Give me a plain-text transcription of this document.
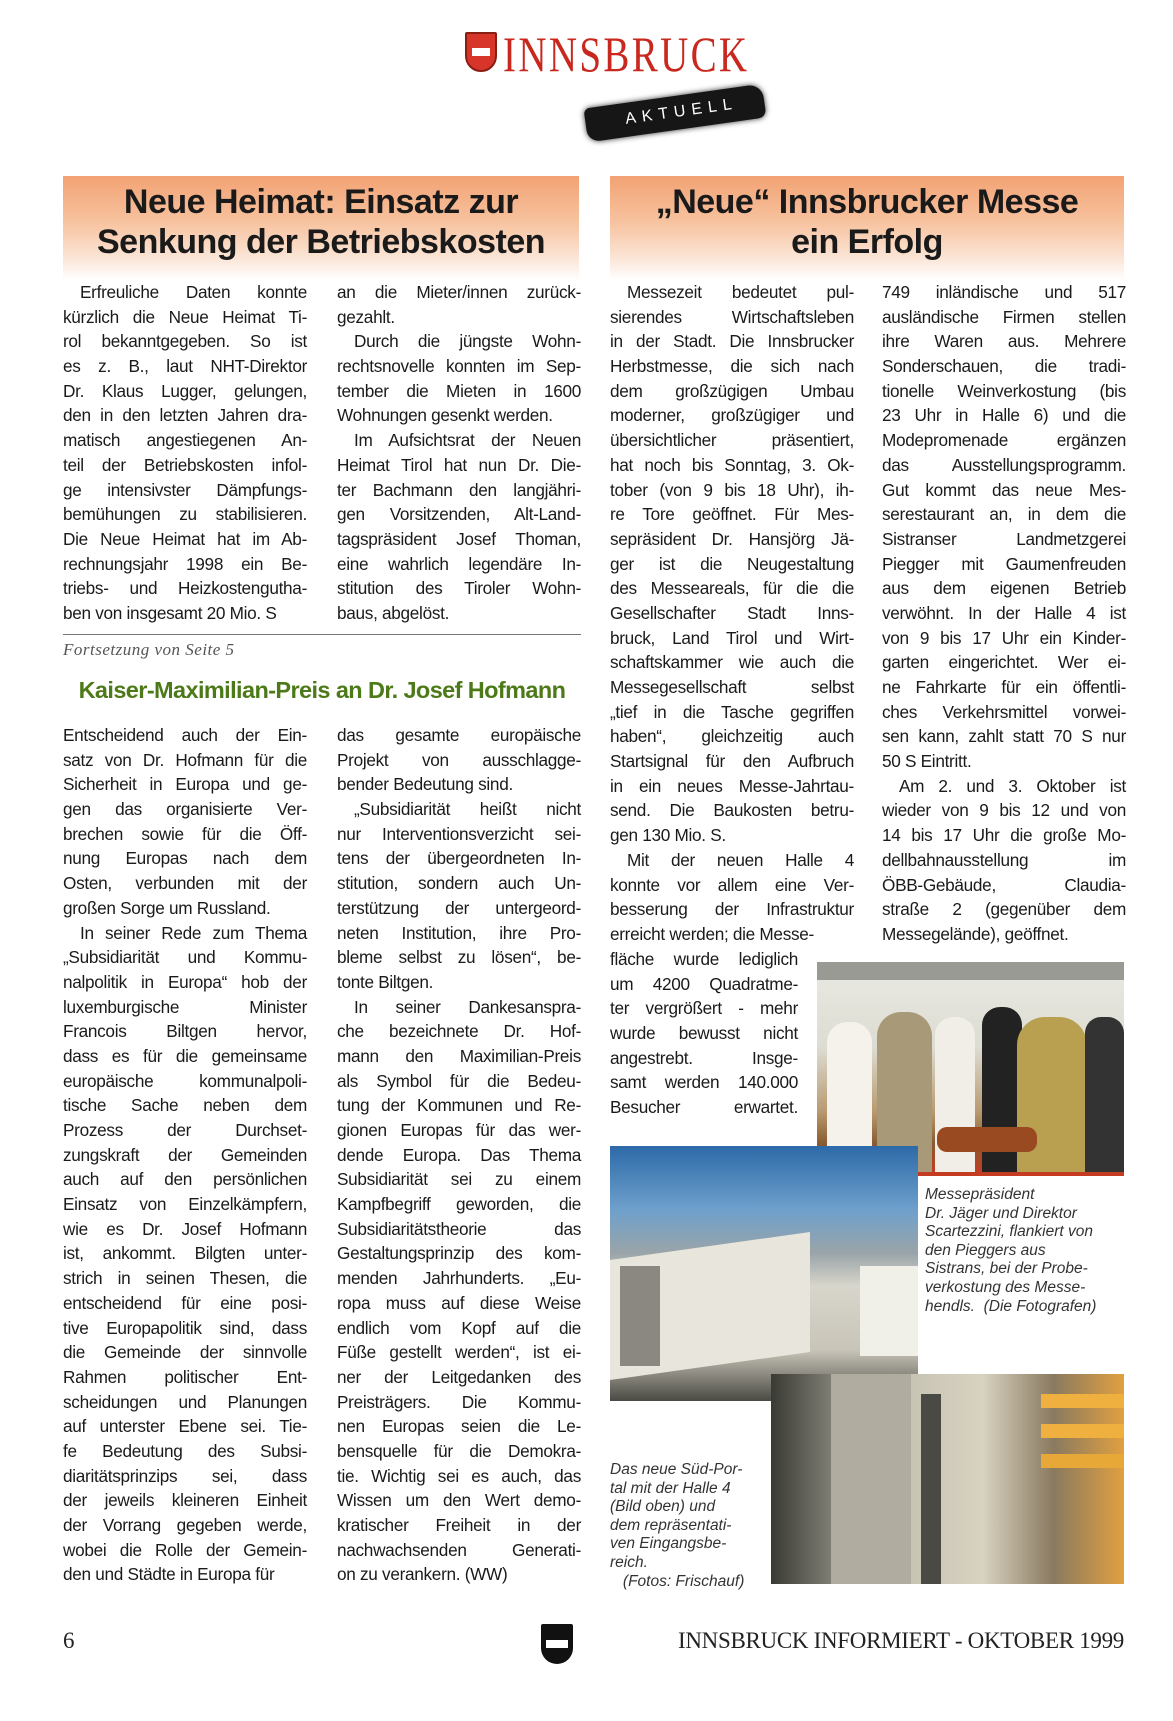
INNSBRUCK
AKTUELL
Neue Heimat: Einsatz zur
Senkung der Betriebskosten
„Neue“ Innsbrucker Messe
ein Erfolg
Erfreuliche Daten konnte
kürzlich die Neue Heimat Ti-
rol bekanntgegeben. So ist
es z. B., laut NHT-Direktor
Dr. Klaus Lugger, gelungen,
den in den letzten Jahren dra-
matisch angestiegenen An-
teil der Betriebskosten infol-
ge intensivster Dämpfungs-
bemühungen zu stabilisieren.
Die Neue Heimat hat im Ab-
rechnungsjahr 1998 ein Be-
triebs- und Heizkostenguthа-
ben von insgesamt 20 Mio. S
an die Mieter/innen zurück-
gezahlt.
Durch die jüngste Wohn-
rechtsnovelle konnten im Sep-
tember die Mieten in 1600
Wohnungen gesenkt werden.
Im Aufsichtsrat der Neuen
Heimat Tirol hat nun Dr. Die-
ter Bachmann den langjähri-
gen Vorsitzenden, Alt-Land-
tagspräsident Josef Thoman,
eine wahrlich legendäre In-
stitution des Tiroler Wohn-
baus, abgelöst.
Fortsetzung von Seite 5
Kaiser-Maximilian-Preis an Dr. Josef Hofmann
Entscheidend auch der Ein-
satz von Dr. Hofmann für die
Sicherheit in Europa und ge-
gen das organisierte Ver-
brechen sowie für die Öff-
nung Europas nach dem
Osten, verbunden mit der
großen Sorge um Russland.
In seiner Rede zum Thema
„Subsidiarität und Kommu-
nalpolitik in Europa“ hob der
luxemburgische Minister
Francois Biltgen hervor,
dass es für die gemeinsame
europäische kommunalpoli-
tische Sache neben dem
Prozess der Durchset-
zungskraft der Gemeinden
auch auf den persönlichen
Einsatz von Einzelkämpfern,
wie es Dr. Josef Hofmann
ist, ankommt. Bilgten unter-
strich in seinen Thesen, die
entscheidend für eine posi-
tive Europapolitik sind, dass
die Gemeinde der sinnvolle
Rahmen politischer Ent-
scheidungen und Planungen
auf unterster Ebene sei. Tie-
fe Bedeutung des Subsi-
diaritätsprinzips sei, dass
der jeweils kleineren Einheit
der Vorrang gegeben werde,
wobei die Rolle der Gemein-
den und Städte in Europa für
das gesamte europäische
Projekt von ausschlagge-
bender Bedeutung sind.
„Subsidiarität heißt nicht
nur Interventionsverzicht sei-
tens der übergeordneten In-
stitution, sondern auch Un-
terstützung der untergeord-
neten Institution, ihre Pro-
bleme selbst zu lösen“, be-
tonte Biltgen.
In seiner Dankesanspra-
che bezeichnete Dr. Hof-
mann den Maximilian-Preis
als Symbol für die Bedeu-
tung der Kommunen und Re-
gionen Europas für das wer-
dende Europa. Das Thema
Subsidiarität sei zu einem
Kampfbegriff geworden, die
Subsidiaritätstheorie das
Gestaltungsprinzip des kom-
menden Jahrhunderts. „Eu-
ropa muss auf diese Weise
endlich vom Kopf auf die
Füße gestellt werden“, ist ei-
ner der Leitgedanken des
Preisträgers. Die Kommu-
nen Europas seien die Le-
bensquelle für die Demokra-
tie. Wichtig sei es auch, das
Wissen um den Wert demo-
kratischer Freiheit in der
nachwachsenden Generati-
on zu verankern. (WW)
Messezeit bedeutet pul-
sierendes Wirtschaftsleben
in der Stadt. Die Innsbrucker
Herbstmesse, die sich nach
dem großzügigen Umbau
moderner, großzügiger und
übersichtlicher präsentiert,
hat noch bis Sonntag, 3. Ok-
tober (von 9 bis 18 Uhr), ih-
re Tore geöffnet. Für Mes-
sepräsident Dr. Hansjörg Jä-
ger ist die Neugestaltung
des Messeareals, für die die
Gesellschafter Stadt Inns-
bruck, Land Tirol und Wirt-
schaftskammer wie auch die
Messegesellschaft selbst
„tief in die Tasche gegriffen
haben“, gleichzeitig auch
Startsignal für den Aufbruch
in ein neues Messe-Jahrtau-
send. Die Baukosten betru-
gen 130 Mio. S.
Mit der neuen Halle 4
konnte vor allem eine Ver-
besserung der Infrastruktur
erreicht werden; die Messe-
fläche wurde lediglich
um 4200 Quadratme-
ter vergrößert - mehr
wurde bewusst nicht
angestrebt. Insge-
samt werden 140.000
Besucher erwartet.
749 inländische und 517
ausländische Firmen stellen
ihre Waren aus. Mehrere
Sonderschauen, die tradi-
tionelle Weinverkostung (bis
23 Uhr in Halle 6) und die
Modepromenade ergänzen
das Ausstellungsprogramm.
Gut kommt das neue Mes-
serestaurant an, in dem die
Sistranser Landmetzgerei
Piegger mit Gaumenfreuden
aus dem eigenen Betrieb
verwöhnt. In der Halle 4 ist
von 9 bis 17 Uhr ein Kinder-
garten eingerichtet. Wer ei-
ne Fahrkarte für ein öffentli-
ches Verkehrsmittel vorwei-
sen kann, zahlt statt 70 S nur
50 S Eintritt.
Am 2. und 3. Oktober ist
wieder von 9 bis 12 und von
14 bis 17 Uhr die große Mo-
dellbahnausstellung im
ÖBB-Gebäude, Claudia-
straße 2 (gegenüber dem
Messegelände), geöffnet.
Messepräsident
Dr. Jäger und Direktor
Scartezzini, flankiert von
den Pieggers aus
Sistrans, bei der Probe-
verkostung des Messe-
hendls.  (Die Fotografen)
Das neue Süd-Por-
tal mit der Halle 4
(Bild oben) und
dem repräsentati-
ven Eingangsbe-
reich.
(Fotos: Frischauf)
6	INNSBRUCK INFORMIERT - OKTOBER 1999
